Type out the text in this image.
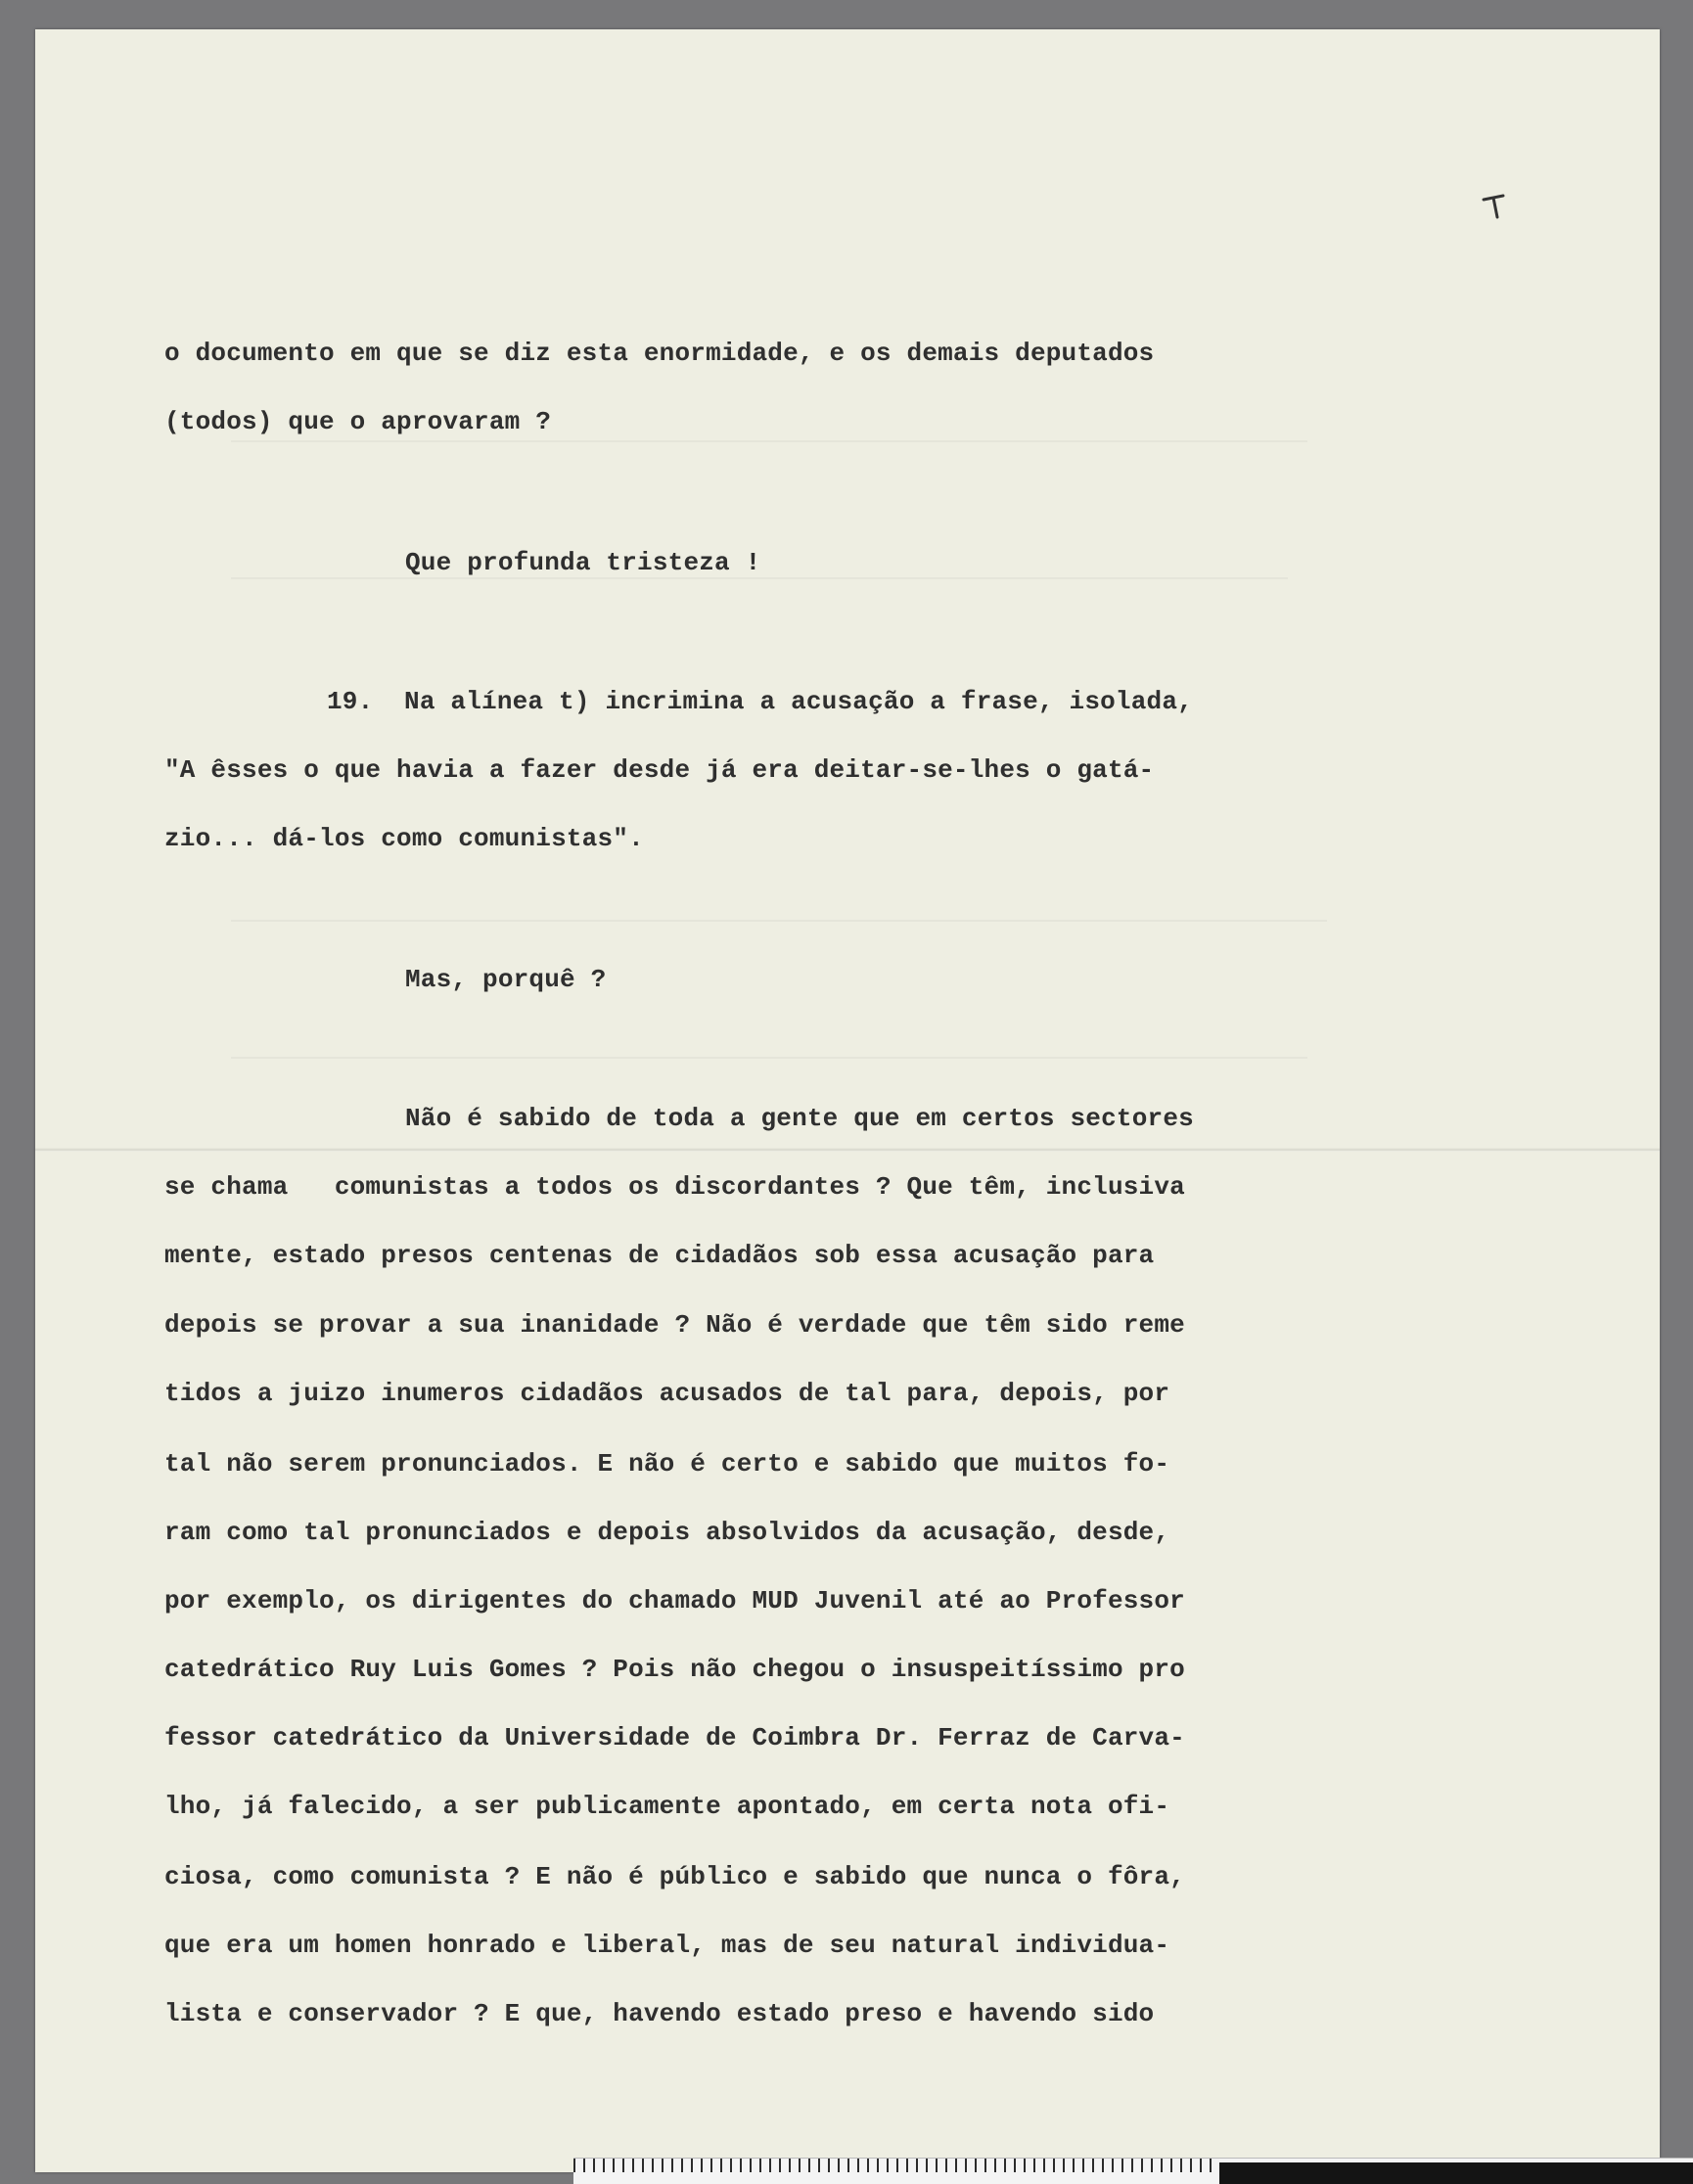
o documento em que se diz esta enormidade, e os demais deputados

(todos) que o aprovaram ?

Que profunda tristeza !

19.  Na alínea t) incrimina a acusação a frase, isolada,

"A êsses o que havia a fazer desde já era deitar-se-lhes o gatá-

zio... dá-los como comunistas".

Mas, porquê ?

Não é sabido de toda a gente que em certos sectores

se chama   comunistas a todos os discordantes ? Que têm, inclusiva

mente, estado presos centenas de cidadãos sob essa acusação para

depois se provar a sua inanidade ? Não é verdade que têm sido reme

tidos a juizo inumeros cidadãos acusados de tal para, depois, por

tal não serem pronunciados. E não é certo e sabido que muitos fo-

ram como tal pronunciados e depois absolvidos da acusação, desde,

por exemplo, os dirigentes do chamado MUD Juvenil até ao Professor

catedrático Ruy Luis Gomes ? Pois não chegou o insuspeitíssimo pro

fessor catedrático da Universidade de Coimbra Dr. Ferraz de Carva-

lho, já falecido, a ser publicamente apontado, em certa nota ofi-

ciosa, como comunista ? E não é público e sabido que nunca o fôra,

que era um homen honrado e liberal, mas de seu natural individua-

lista e conservador ? E que, havendo estado preso e havendo sido
